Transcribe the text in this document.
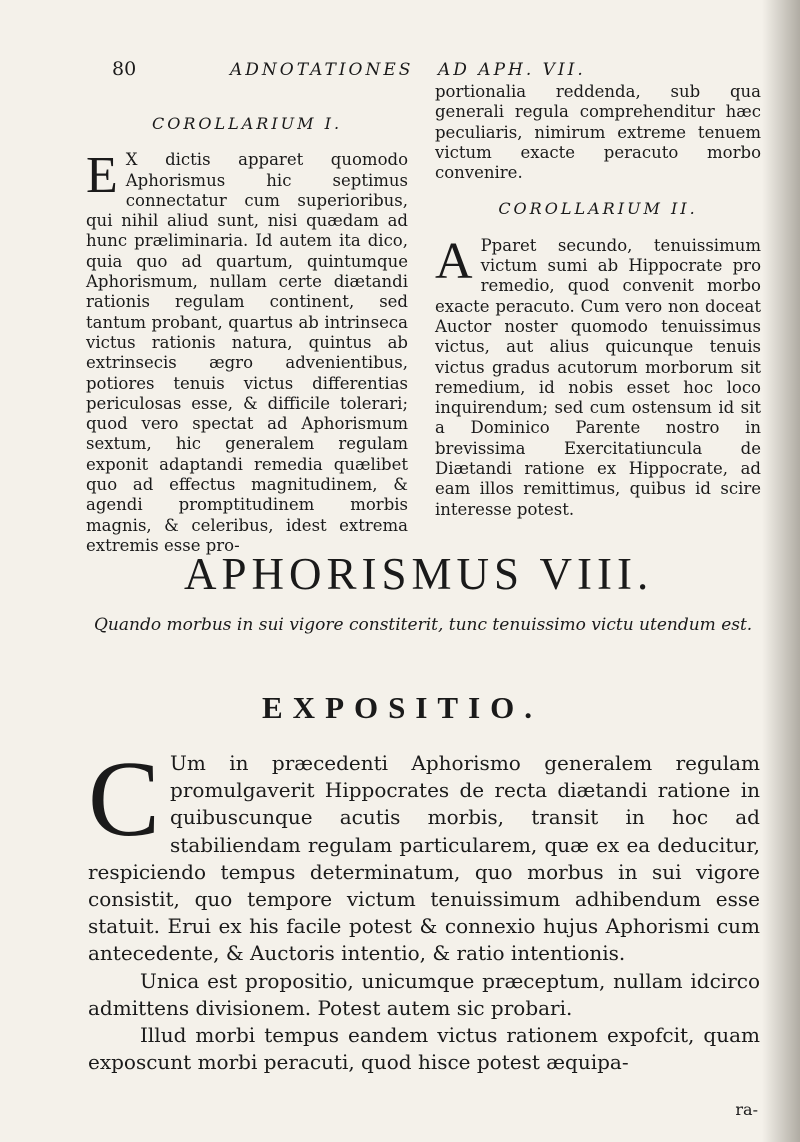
80	ADNOTATIONES AD APH. VII.
COROLLARIUM I.

E X dictis apparet quomodo Aphorismus hic septimus connectatur cum superioribus, qui nihil aliud sunt, nisi quædam ad hunc præliminaria. Id autem ita dico, quia quo ad quartum, quintumque Aphorismum, nullam certe diætandi rationis regulam continent, sed tantum probant, quartus ab intrinseca victus rationis natura, quintus ab extrinsecis ægro advenientibus, potiores tenuis victus differentias periculosas esse, & difficile tolerari; quod vero spectat ad Aphorismum sextum, hic generalem regulam exponit adaptandi remedia quælibet quo ad effectus magnitudinem, & agendi promptitudinem morbis magnis, & celeribus, idest extrema extremis esse pro-

portionalia reddenda, sub qua generali regula comprehenditur hæc peculiaris, nimirum extreme tenuem victum exacte peracuto morbo convenire.

COROLLARIUM II.

A Pparet secundo, tenuissimum victum sumi ab Hippocrate pro remedio, quod convenit morbo exacte peracuto. Cum vero non doceat Auctor noster quomodo tenuissimus victus, aut alius quicunque tenuis victus gradus acutorum morborum sit remedium, id nobis esset hoc loco inquirendum; sed cum ostensum id sit a Dominico Parente nostro in brevissima Exercitatiuncula de Diætandi ratione ex Hippocrate, ad eam illos remittimus, quibus id scire interesse potest.

APHORISMUS VIII.
Quando morbus in sui vigore constiterit, tunc tenuissimo victu utendum est.
EXPOSITIO.

C Um in præcedenti Aphorismo generalem regulam promulgaverit Hippocrates de recta diætandi ratione in quibuscunque acutis morbis, transit in hoc ad stabiliendam regulam particularem, quæ ex ea deducitur, respiciendo tempus determinatum, quo morbus in sui vigore consistit, quo tempore victum tenuissimum adhibendum esse statuit. Erui ex his facile potest & connexio hujus Aphorismi cum antecedente, & Auctoris intentio, & ratio intentionis.

Unica est propositio, unicumque præceptum, nullam idcirco admittens divisionem. Potest autem sic probari.

Illud morbi tempus eandem victus rationem expofcit, quam exposcunt morbi peracuti, quod hisce potest æquipa-

ra-
